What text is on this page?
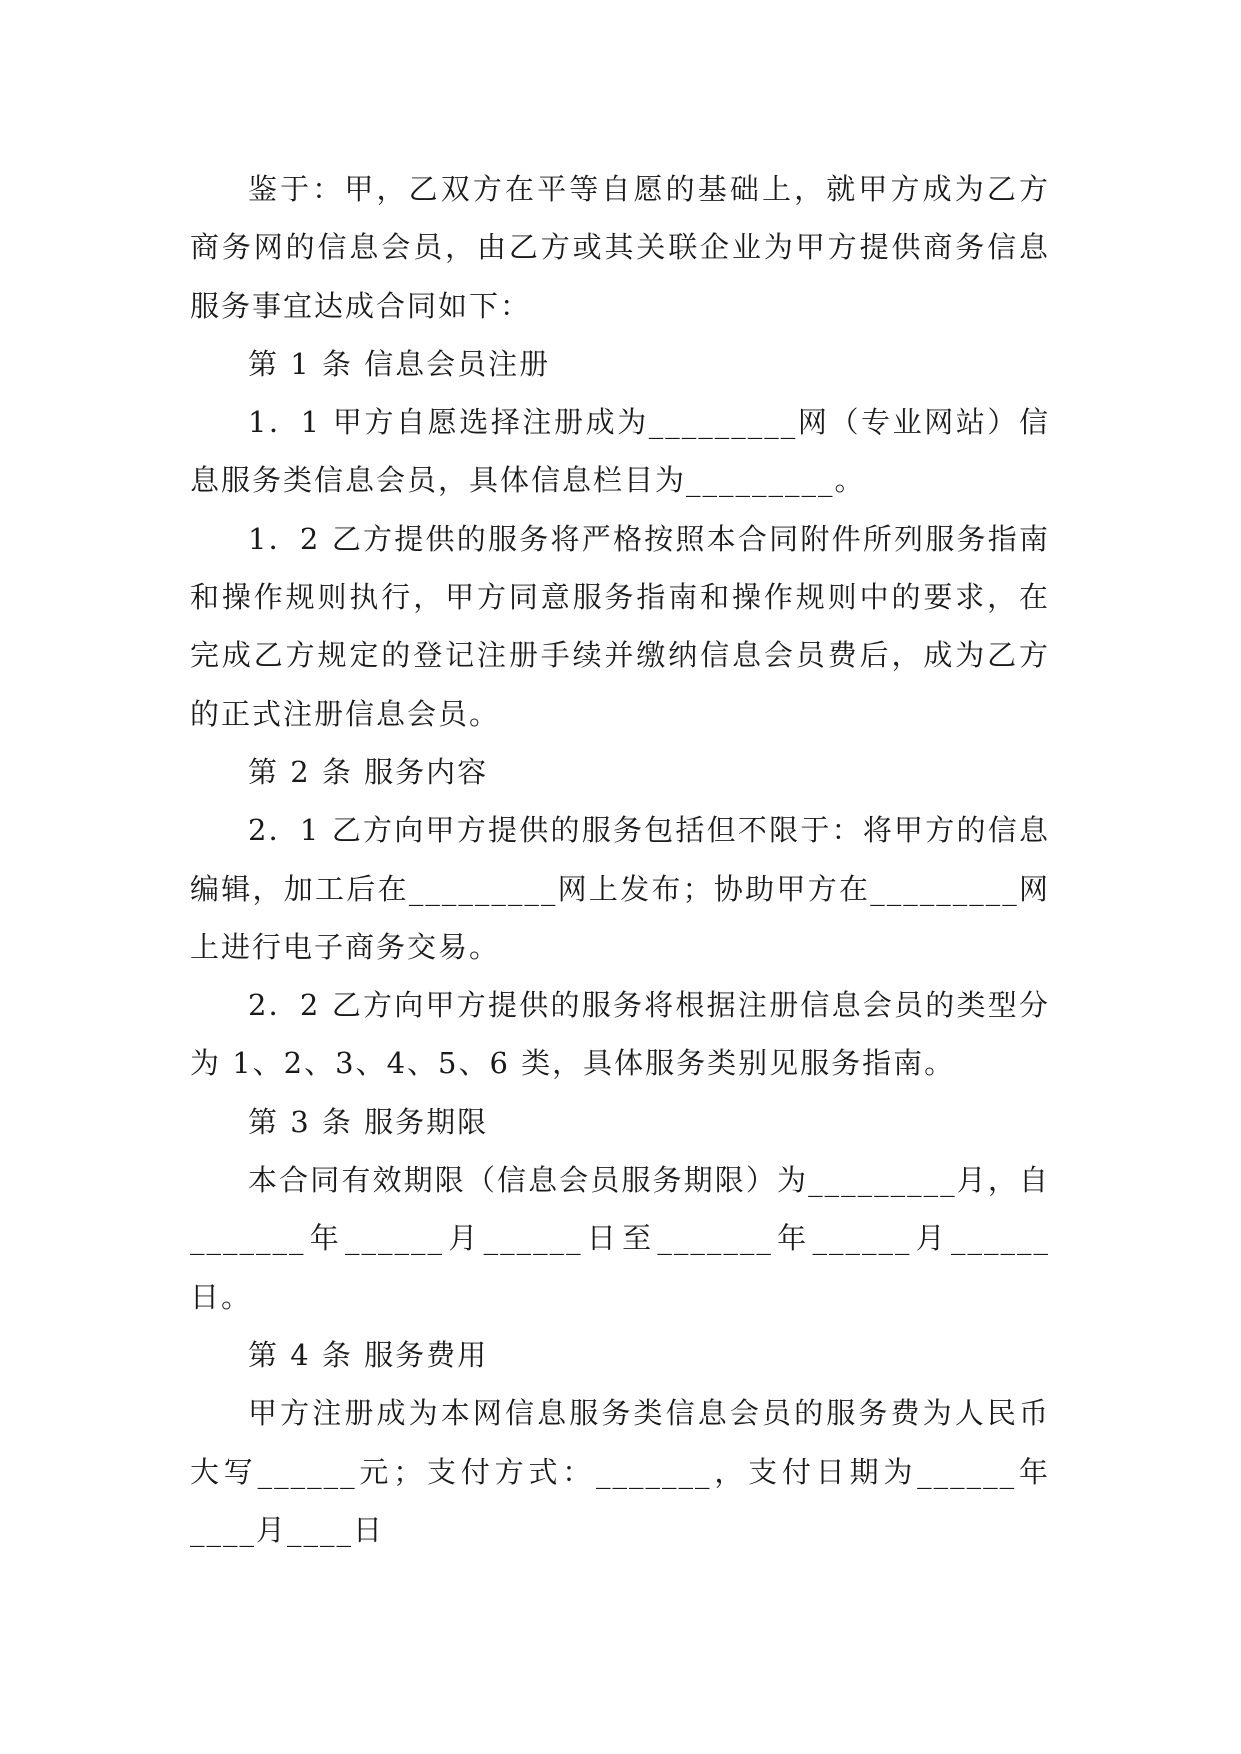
鉴于：甲，乙双方在平等自愿的基础上，就甲方成为乙方商务网的信息会员，由乙方或其关联企业为甲方提供商务信息服务事宜达成合同如下：

第 1 条 信息会员注册

1．1 甲方自愿选择注册成为_________网（专业网站）信息服务类信息会员，具体信息栏目为_________。

1．2 乙方提供的服务将严格按照本合同附件所列服务指南和操作规则执行，甲方同意服务指南和操作规则中的要求，在完成乙方规定的登记注册手续并缴纳信息会员费后，成为乙方的正式注册信息会员。

第 2 条 服务内容

2．1 乙方向甲方提供的服务包括但不限于：将甲方的信息编辑，加工后在_________网上发布；协助甲方在_________网上进行电子商务交易。

2．2 乙方向甲方提供的服务将根据注册信息会员的类型分为 1、2、3、4、5、6 类，具体服务类别见服务指南。

第 3 条 服务期限

本合同有效期限（信息会员服务期限）为_________月，自_______年______月______日至_______年______月______日。

第 4 条 服务费用

甲方注册成为本网信息服务类信息会员的服务费为人民币大写______元；支付方式：_______，支付日期为______年____月____日
